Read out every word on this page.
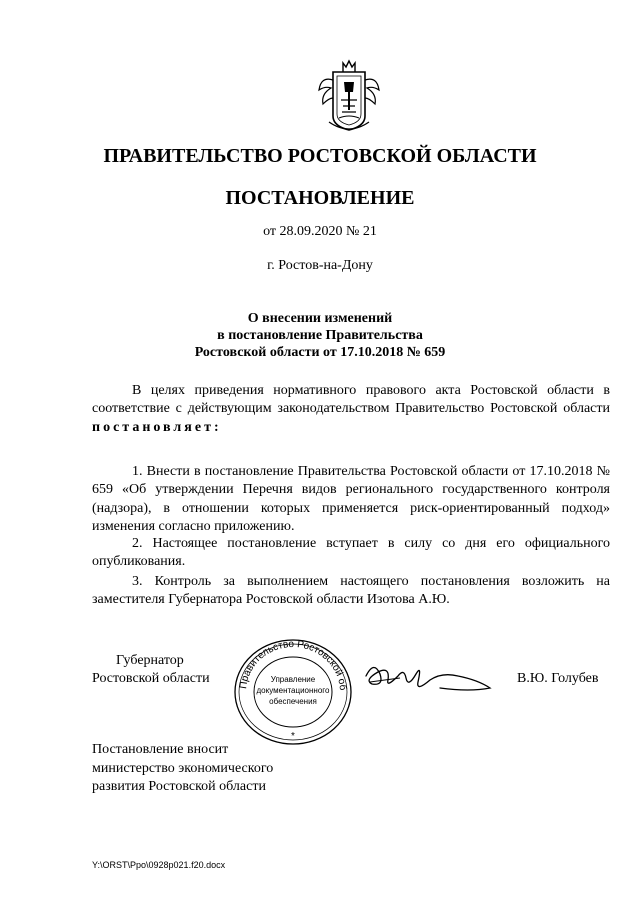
ПРАВИТЕЛЬСТВО РОСТОВСКОЙ ОБЛАСТИ
ПОСТАНОВЛЕНИЕ
от 28.09.2020 № 21
г. Ростов-на-Дону
О внесении изменений
в постановление Правительства
Ростовской области от 17.10.2018 № 659
В целях приведения нормативного правового акта Ростовской области в соответствие с действующим законодательством Правительство Ростовской области постановляет:
1. Внести в постановление Правительства Ростовской области от 17.10.2018 № 659 «Об утверждении Перечня видов регионального государственного контроля (надзора), в отношении которых применяется риск-ориентированный подход» изменения согласно приложению.
2. Настоящее постановление вступает в силу со дня его официального опубликования.
3. Контроль за выполнением настоящего постановления возложить на заместителя Губернатора Ростовской области Изотова А.Ю.
Губернатор
Ростовской области	Правительство Ростовской об
Управление
документационного
обеспечения
*
В.Ю. Голубев
Постановление вносит
министерство экономического
развития Ростовской области
Y:\ORST\Ppo\0928p021.f20.docx
